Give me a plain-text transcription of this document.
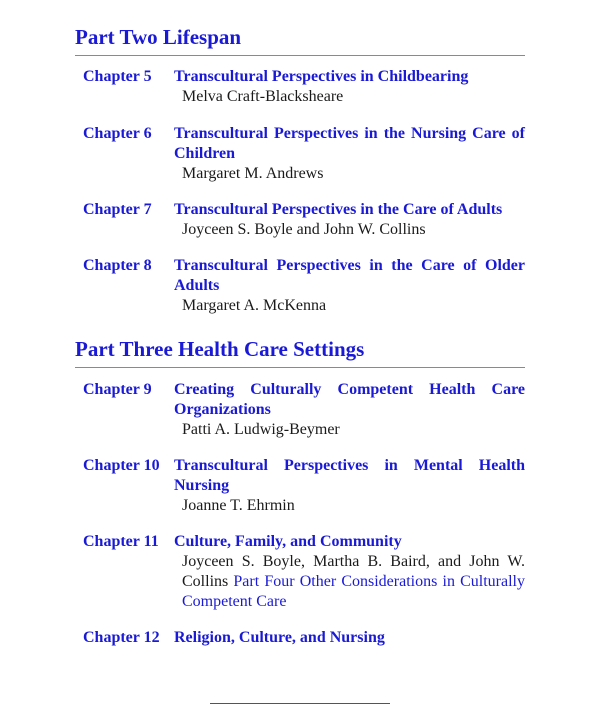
Part Two Lifespan
Chapter 5 Transcultural Perspectives in Childbearing
Melva Craft-Blacksheare
Chapter 6 Transcultural Perspectives in the Nursing Care of Children
Margaret M. Andrews
Chapter 7 Transcultural Perspectives in the Care of Adults
Joyceen S. Boyle and John W. Collins
Chapter 8 Transcultural Perspectives in the Care of Older Adults
Margaret A. McKenna
Part Three Health Care Settings
Chapter 9 Creating Culturally Competent Health Care Organizations
Patti A. Ludwig-Beymer
Chapter 10 Transcultural Perspectives in Mental Health Nursing
Joanne T. Ehrmin
Chapter 11 Culture, Family, and Community
Joyceen S. Boyle, Martha B. Baird, and John W. Collins Part Four Other Considerations in Culturally Competent Care
Chapter 12 Religion, Culture, and Nursing
